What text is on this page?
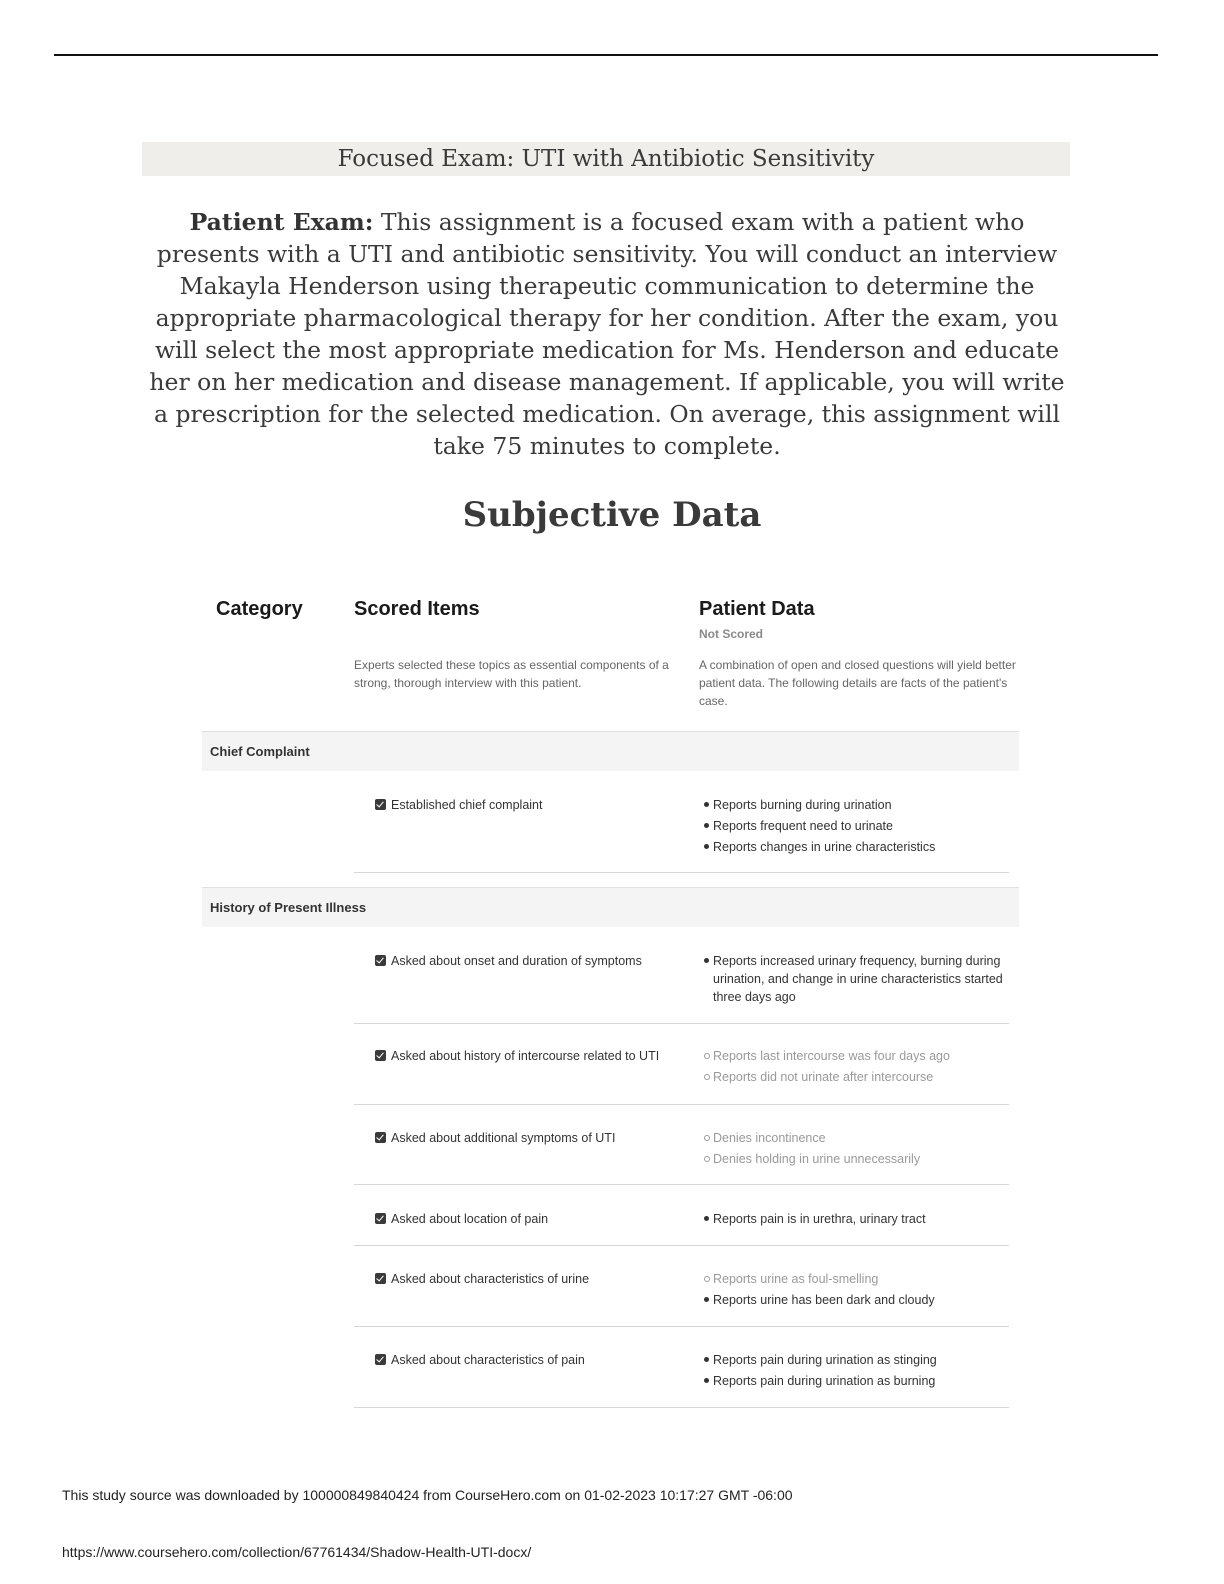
Focused Exam: UTI with Antibiotic Sensitivity
Patient Exam: This assignment is a focused exam with a patient who presents with a UTI and antibiotic sensitivity. You will conduct an interview Makayla Henderson using therapeutic communication to determine the appropriate pharmacological therapy for her condition. After the exam, you will select the most appropriate medication for Ms. Henderson and educate her on her medication and disease management. If applicable, you will write a prescription for the selected medication. On average, this assignment will take 75 minutes to complete.
Subjective Data
Category	Scored Items	Patient Data
Not Scored
Experts selected these topics as essential components of a strong, thorough interview with this patient.
A combination of open and closed questions will yield better patient data. The following details are facts of the patient's case.
Chief Complaint
Established chief complaint	Reports burning during urination
Reports frequent need to urinate
Reports changes in urine characteristics
History of Present Illness
Asked about onset and duration of symptoms	Reports increased urinary frequency, burning during urination, and change in urine characteristics started three days ago
Asked about history of intercourse related to UTI	Reports last intercourse was four days ago
Reports did not urinate after intercourse
Asked about additional symptoms of UTI	Denies incontinence
Denies holding in urine unnecessarily
Asked about location of pain	Reports pain is in urethra, urinary tract
Asked about characteristics of urine	Reports urine as foul-smelling
Reports urine has been dark and cloudy
Asked about characteristics of pain	Reports pain during urination as stinging
Reports pain during urination as burning
This study source was downloaded by 100000849840424 from CourseHero.com on 01-02-2023 10:17:27 GMT -06:00
https://www.coursehero.com/collection/67761434/Shadow-Health-UTI-docx/
